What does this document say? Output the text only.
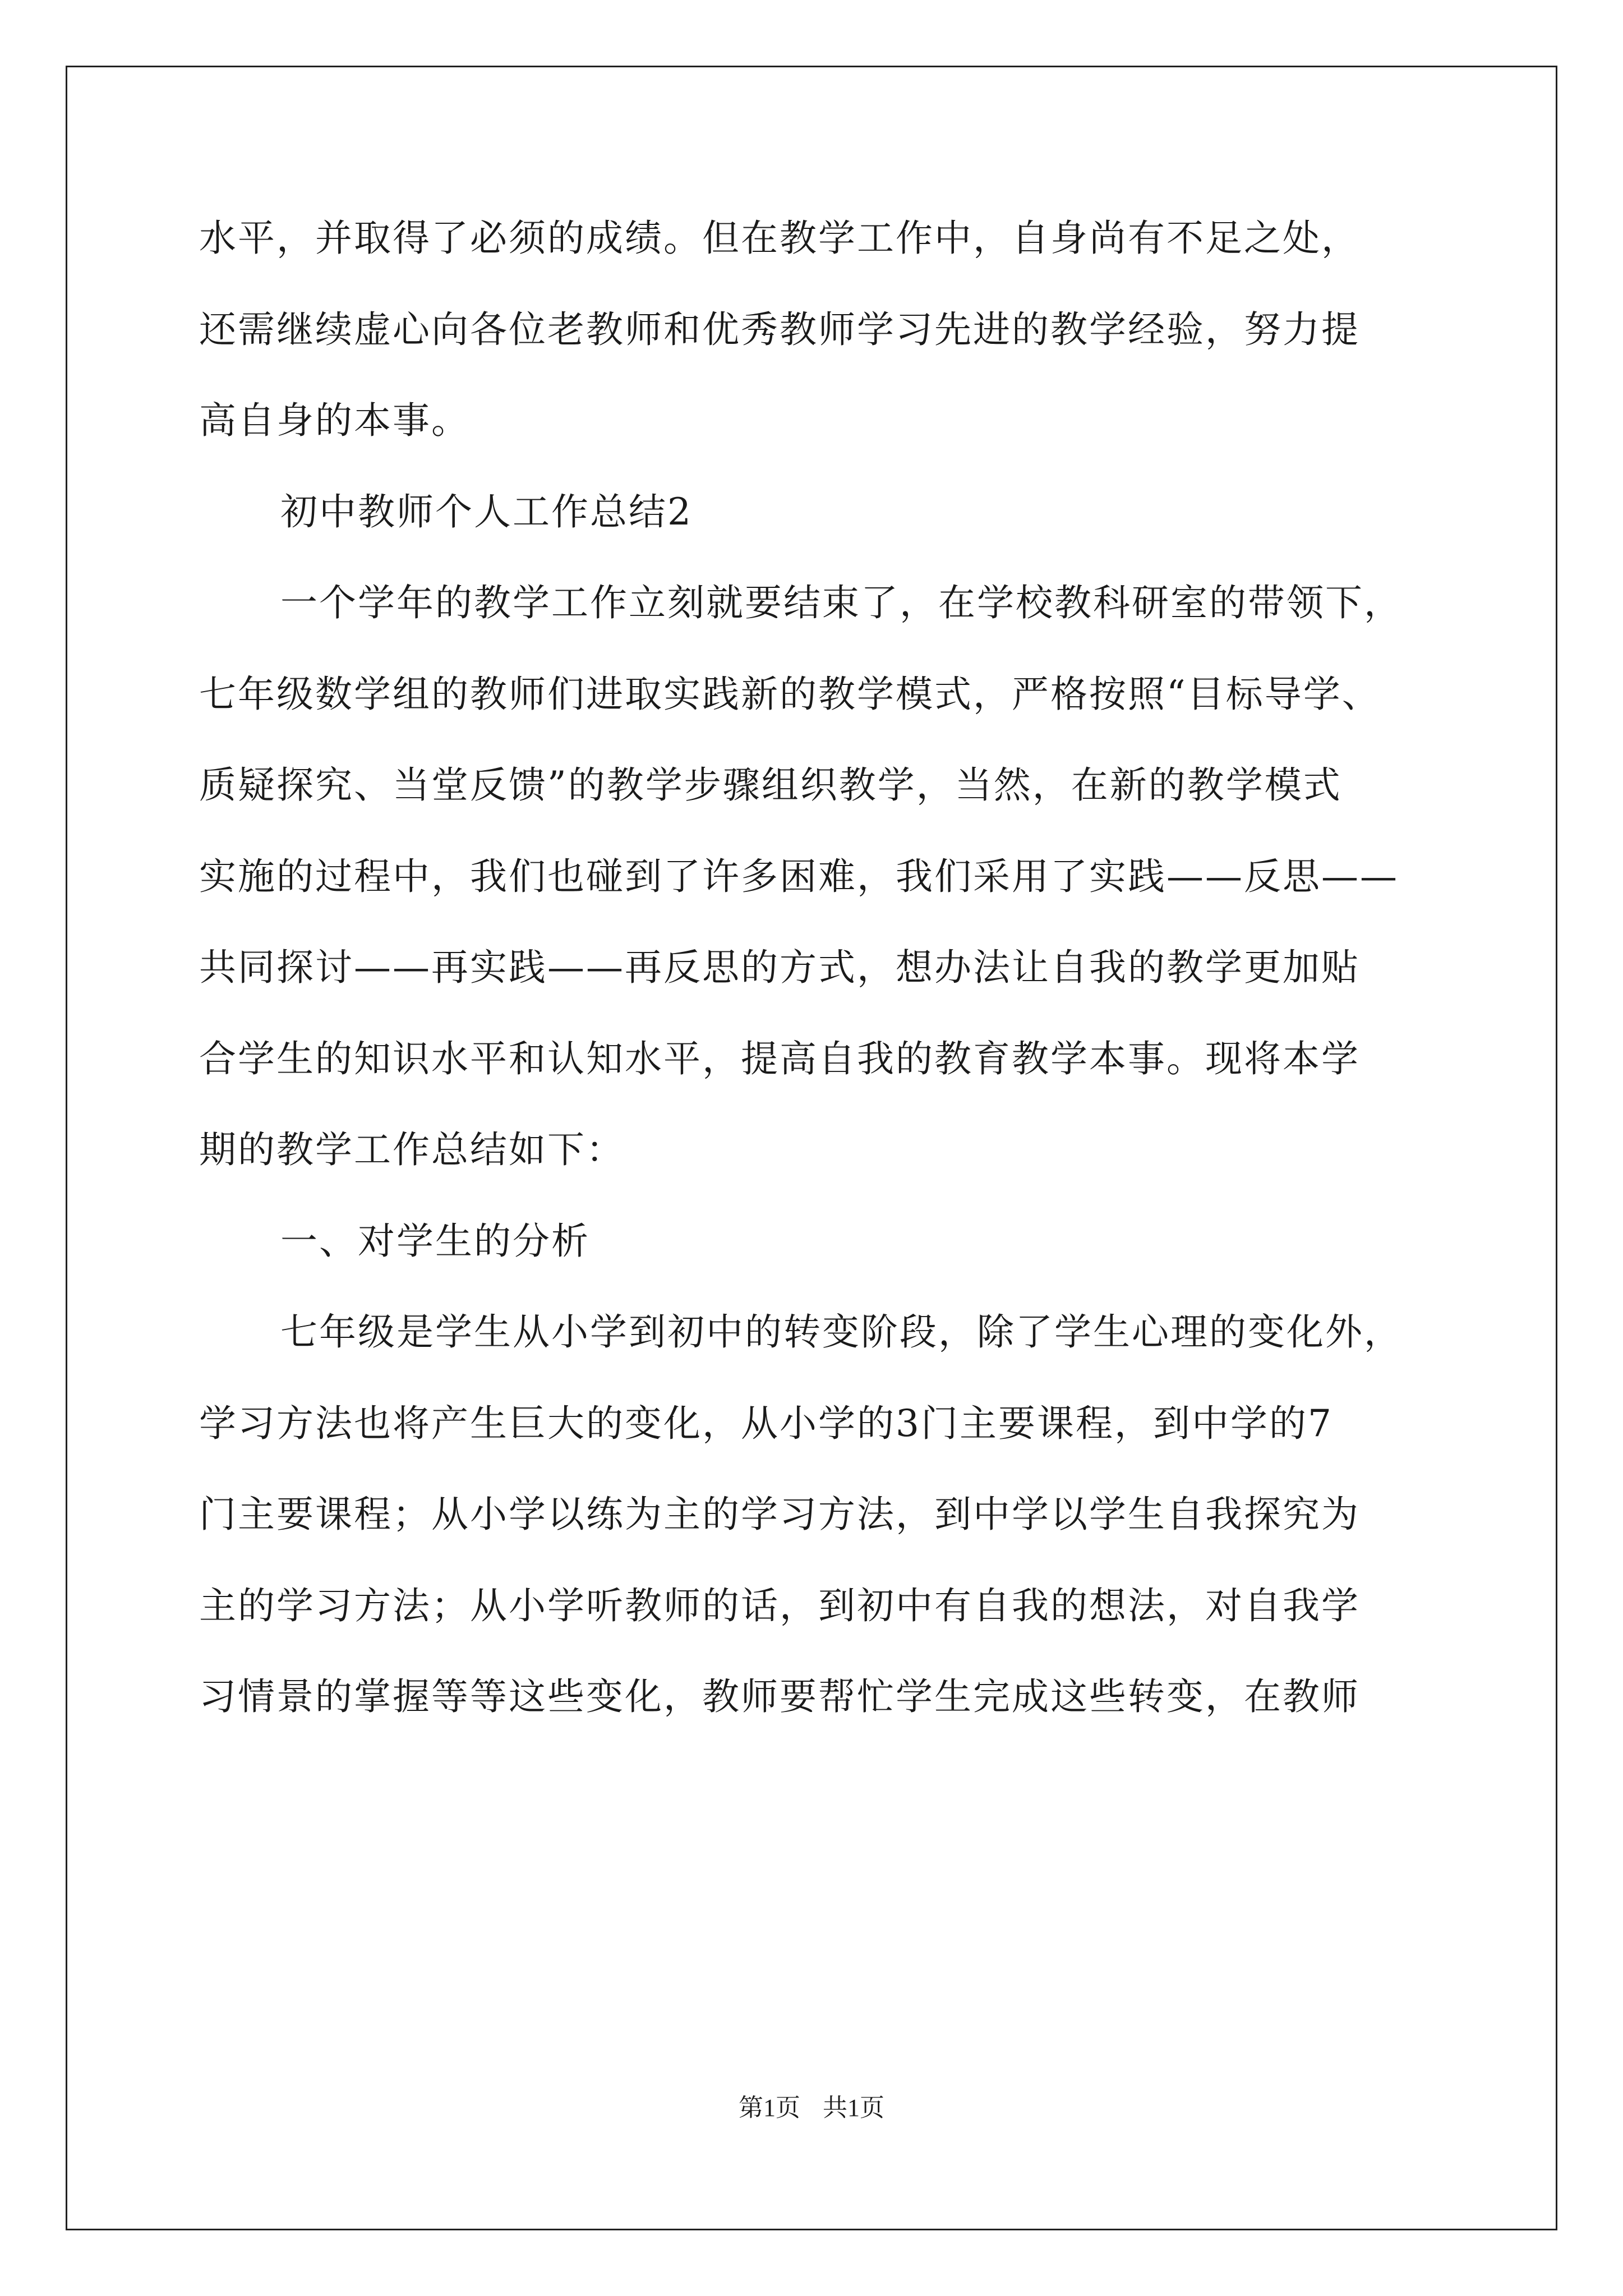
水平，并取得了必须的成绩。但在教学工作中，自身尚有不足之处，
还需继续虚心向各位老教师和优秀教师学习先进的教学经验，努力提
高自身的本事。
初中教师个人工作总结2
一个学年的教学工作立刻就要结束了，在学校教科研室的带领下，
七年级数学组的教师们进取实践新的教学模式，严格按照“目标导学、
质疑探究、当堂反馈”的教学步骤组织教学，当然，在新的教学模式
实施的过程中，我们也碰到了许多困难，我们采用了实践——反思——
共同探讨——再实践——再反思的方式，想办法让自我的教学更加贴
合学生的知识水平和认知水平，提高自我的教育教学本事。现将本学
期的教学工作总结如下：
一、对学生的分析
七年级是学生从小学到初中的转变阶段，除了学生心理的变化外，
学习方法也将产生巨大的变化，从小学的3门主要课程，到中学的7
门主要课程；从小学以练为主的学习方法，到中学以学生自我探究为
主的学习方法；从小学听教师的话，到初中有自我的想法，对自我学
习情景的掌握等等这些变化，教师要帮忙学生完成这些转变，在教师
第1页 共1页
